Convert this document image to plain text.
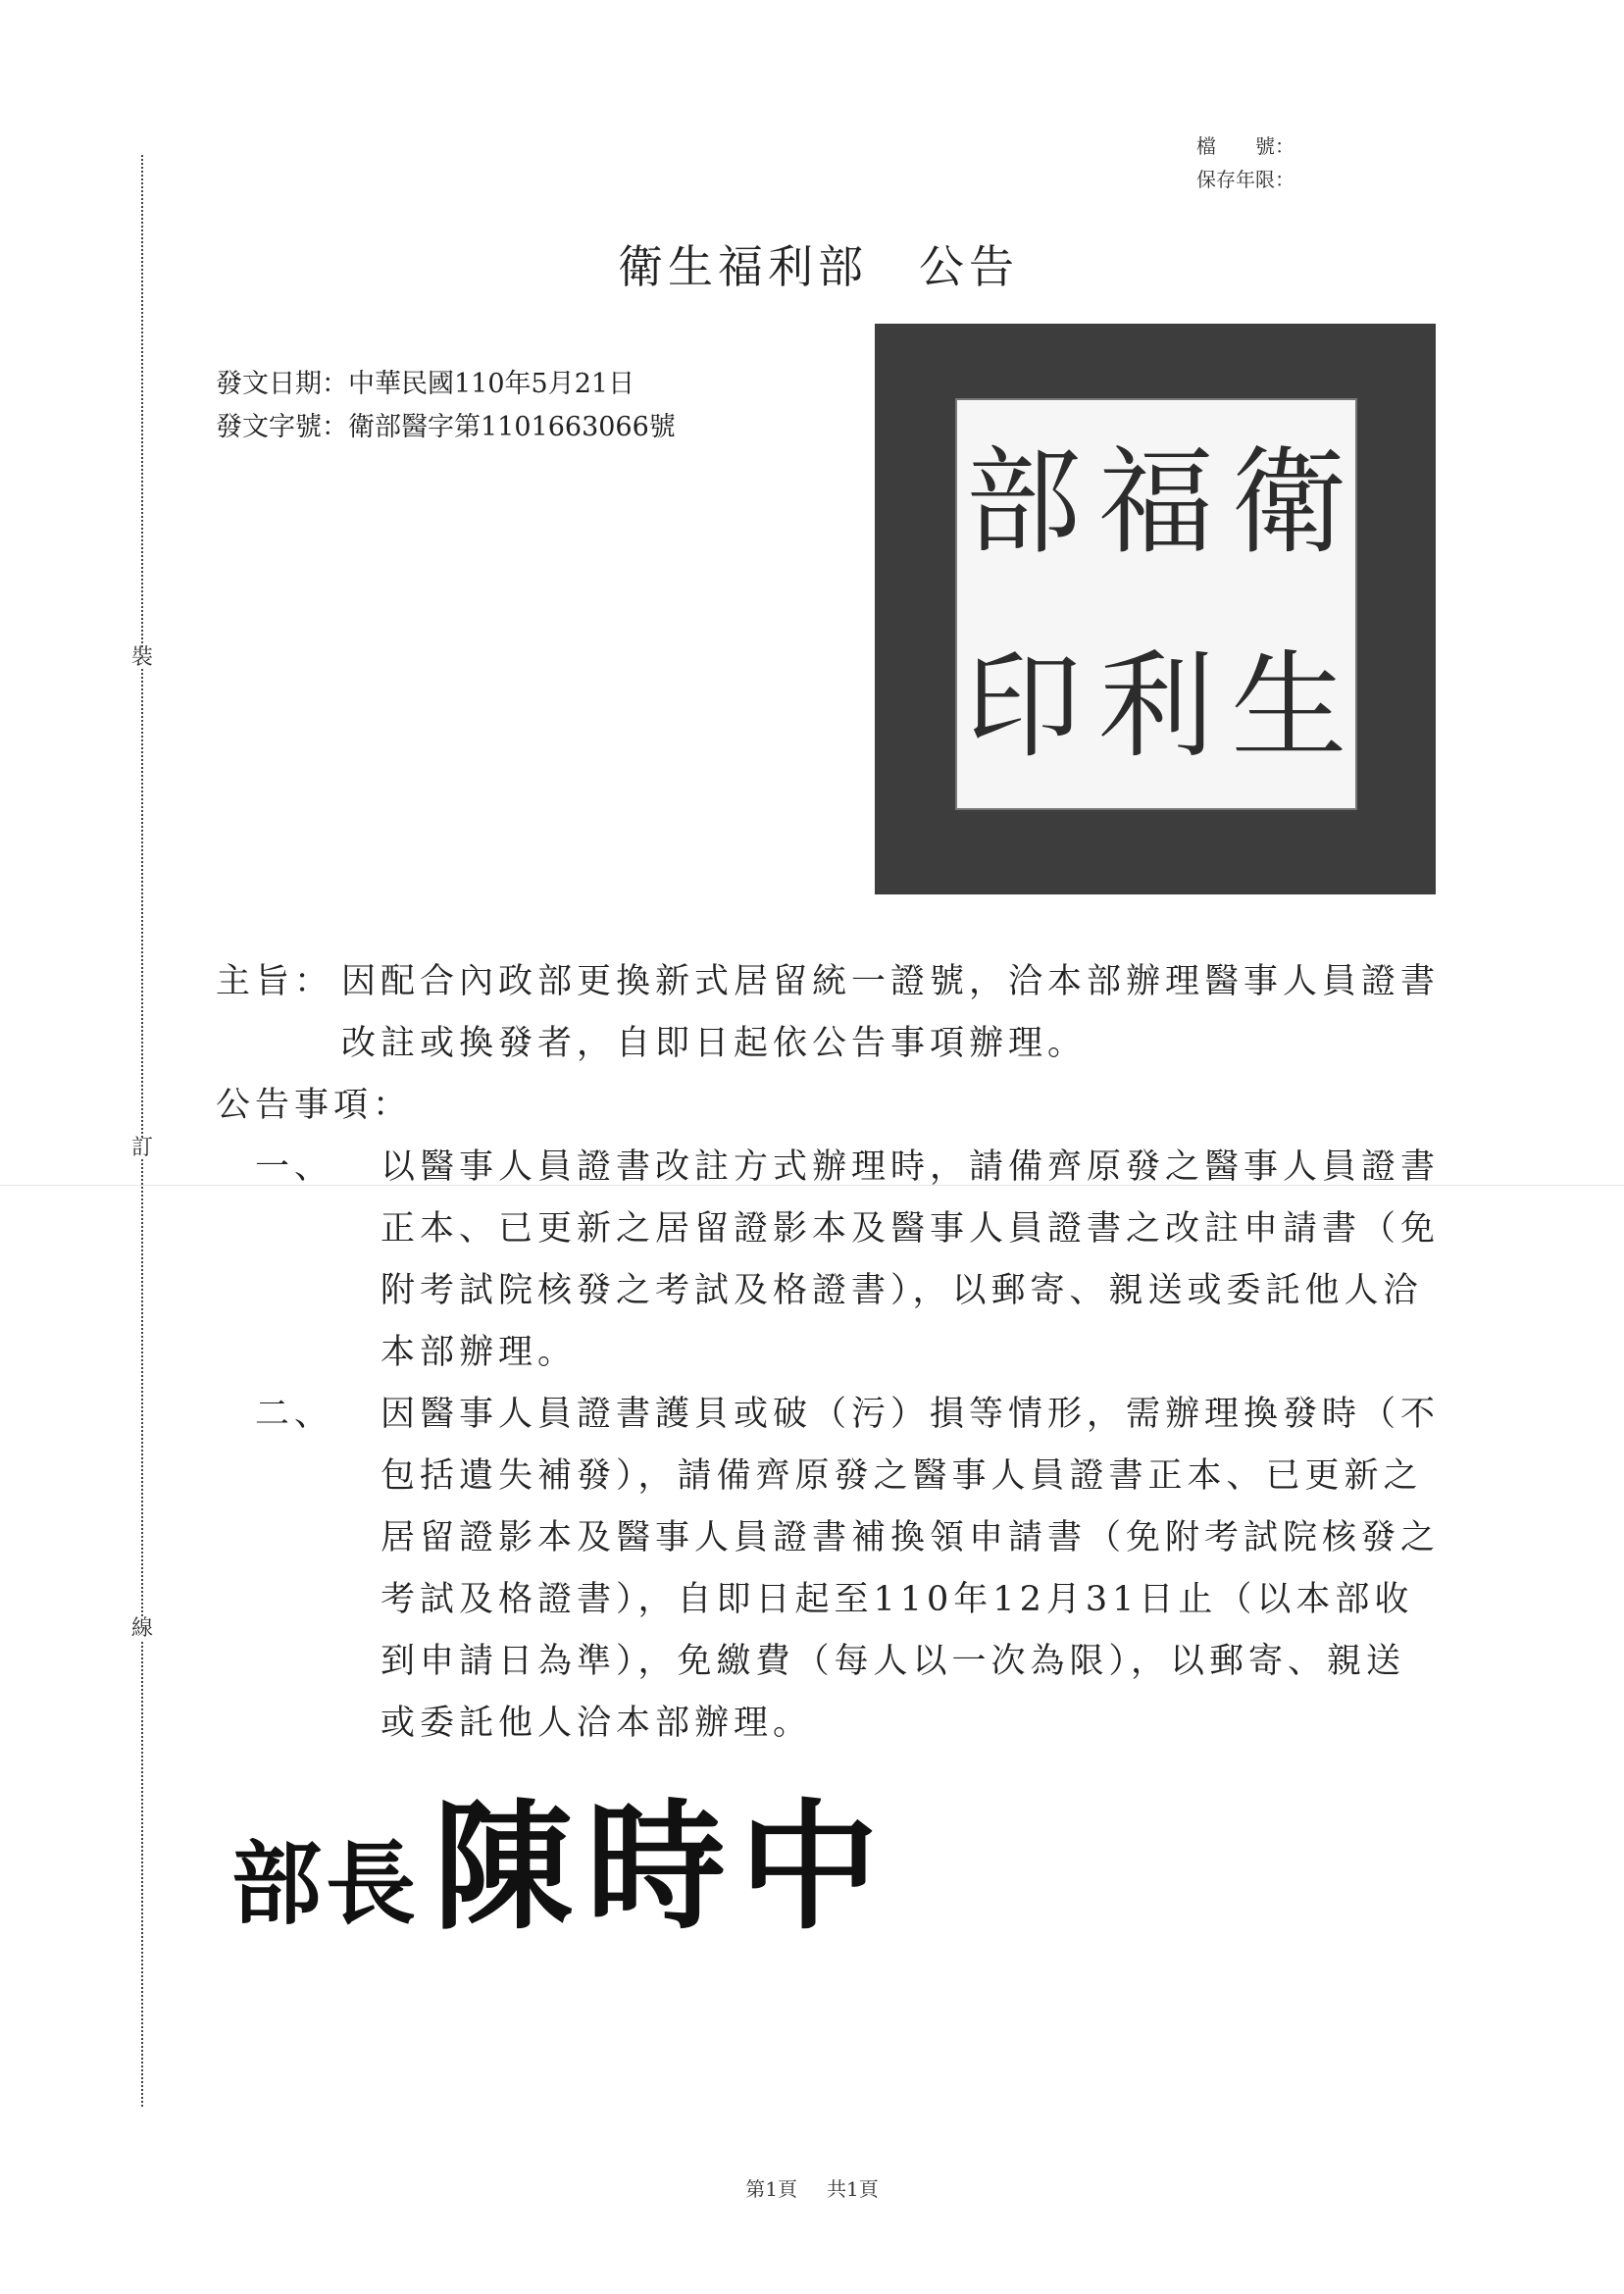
裝
訂
線
檔　　號：
保存年限：
衛生福利部 公告
發文日期：中華民國110年5月21日
發文字號：衛部醫字第1101663066號
衛
生
福
利
部
印
主旨： 因配合內政部更換新式居留統一證號，洽本部辦理醫事人員證書改註或換發者，自即日起依公告事項辦理。
公告事項：
一、	以醫事人員證書改註方式辦理時，請備齊原發之醫事人員證書正本、已更新之居留證影本及醫事人員證書之改註申請書（免附考試院核發之考試及格證書），以郵寄、親送或委託他人洽本部辦理。
二、	因醫事人員證書護貝或破（污）損等情形，需辦理換發時（不包括遺失補發），請備齊原發之醫事人員證書正本、已更新之居留證影本及醫事人員證書補換領申請書（免附考試院核發之考試及格證書），自即日起至110年12月31日止（以本部收到申請日為準），免繳費（每人以一次為限），以郵寄、親送或委託他人洽本部辦理。
部長陳時中
第1頁 共1頁
